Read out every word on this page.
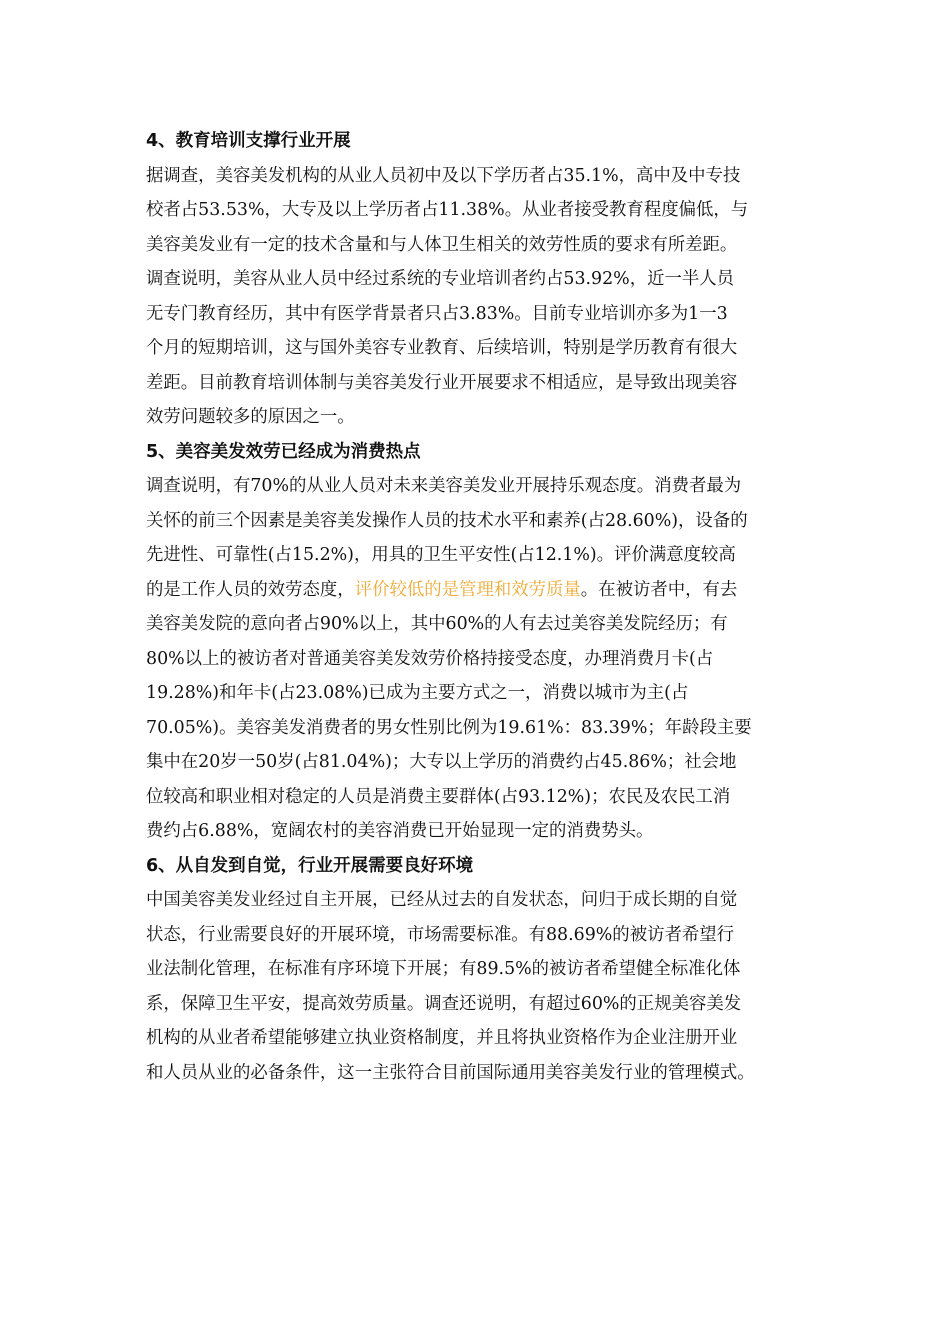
4、教育培训支撑行业开展

据调查，美容美发机构的从业人员初中及以下学历者占35.1%，高中及中专技
校者占53.53%，大专及以上学历者占11.38%。从业者接受教育程度偏低，与
美容美发业有一定的技术含量和与人体卫生相关的效劳性质的要求有所差距。
调查说明，美容从业人员中经过系统的专业培训者约占53.92%，近一半人员
无专门教育经历，其中有医学背景者只占3.83%。目前专业培训亦多为1一3
个月的短期培训，这与国外美容专业教育、后续培训，特别是学历教育有很大
差距。目前教育培训体制与美容美发行业开展要求不相适应，是导致出现美容
效劳问题较多的原因之一。

5、美容美发效劳已经成为消费热点

调查说明，有70%的从业人员对未来美容美发业开展持乐观态度。消费者最为
关怀的前三个因素是美容美发操作人员的技术水平和素养(占28.60%)，设备的
先进性、可靠性(占15.2%)，用具的卫生平安性(占12.1%)。评价满意度较高
的是工作人员的效劳态度，评价较低的是管理和效劳质量。在被访者中，有去
美容美发院的意向者占90%以上，其中60%的人有去过美容美发院经历；有
80%以上的被访者对普通美容美发效劳价格持接受态度，办理消费月卡(占
19.28%)和年卡(占23.08%)已成为主要方式之一，消费以城市为主(占
70.05%)。美容美发消费者的男女性别比例为19.61%：83.39%；年龄段主要
集中在20岁一50岁(占81.04%)；大专以上学历的消费约占45.86%；社会地
位较高和职业相对稳定的人员是消费主要群体(占93.12%)；农民及农民工消
费约占6.88%，宽阔农村的美容消费已开始显现一定的消费势头。

6、从自发到自觉，行业开展需要良好环境

中国美容美发业经过自主开展，已经从过去的自发状态，问归于成长期的自觉
状态，行业需要良好的开展环境，市场需要标准。有88.69%的被访者希望行
业法制化管理，在标准有序环境下开展；有89.5%的被访者希望健全标准化体
系，保障卫生平安，提高效劳质量。调查还说明，有超过60%的正规美容美发
机构的从业者希望能够建立执业资格制度，并且将执业资格作为企业注册开业
和人员从业的必备条件，这一主张符合目前国际通用美容美发行业的管理模式。
